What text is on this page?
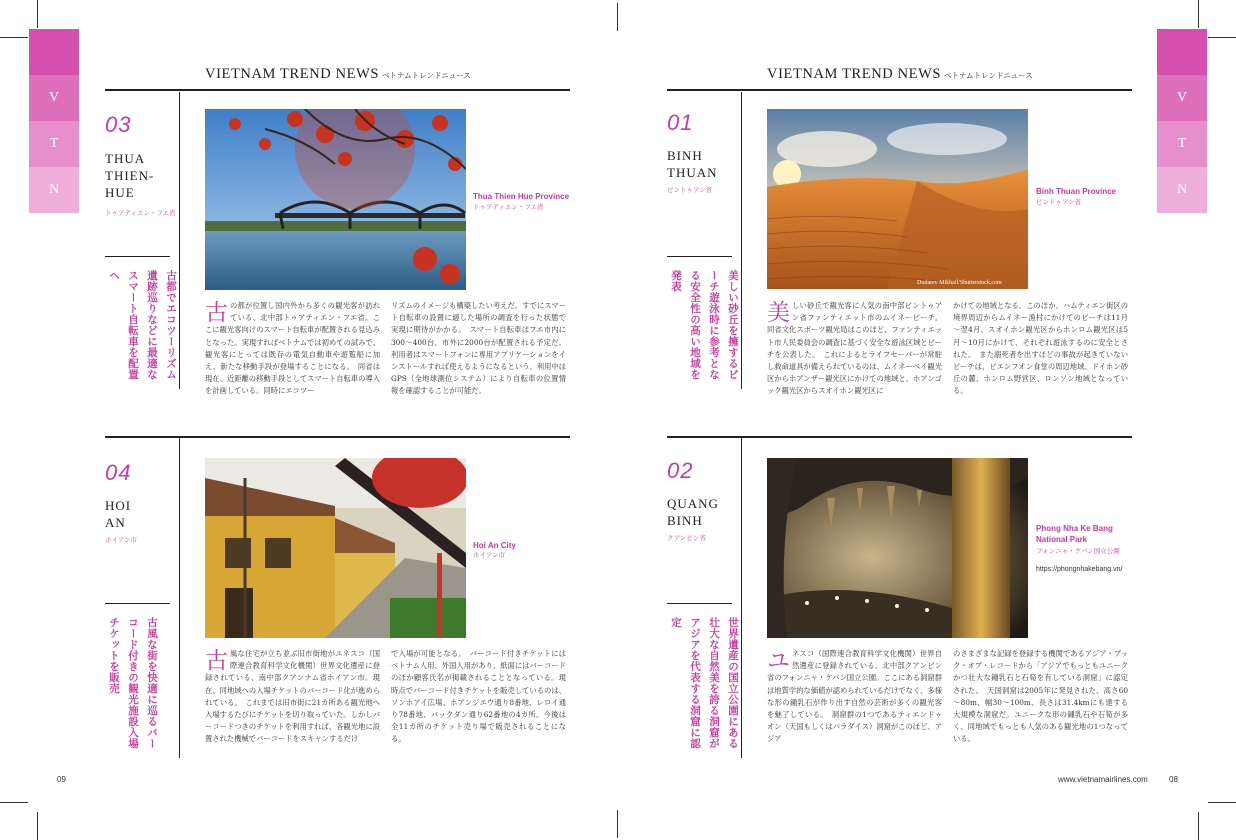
V
T
N
V
T
N
VIETNAM TREND NEWS ベトナムトレンドニュース	VIETNAM TREND NEWS ベトナムトレンドニュース
03
THUA THIEN-HUE
トゥアティエン・フエ省
古都でエコツーリズム遺跡巡りなどに最適なスマート自転車を配置へ
Thua Thien Hue Province
トゥアティエン・フエ省
古の都が位置し国内外から多くの観光客が訪れている、北中部トゥアティエン・フエ省。ここに観光客向けのスマート自転車が配置される見込みとなった。実現すればベトナムでは初めての試みで、観光客にとっては既存の電気自動車や遊覧船に加え、新たな移動手段が登場することになる。　同省は現在、近距離の移動手段としてスマート自転車の導入を計画している。同時にエコツー
リズムのイメージも構築したい考えだ。すでにスマート自転車の設置に適した場所の調査を行った状態で実現に期待がかかる。　スマート自転車はフエ市内に300～400台、市外に2000台が配置される予定だ。利用者はスマートフォンに専用アプリケーションをインストールすれば使えるようになるという。利用中はGPS（全地球測位システム）により自転車の位置情報を確認することが可能だ。
04
HOI AN
ホイアン市
古風な街を快適に巡るバーコード付きの観光施設入場チケットを販売
Hoi An City
ホイアン市
古風な住宅が立ち並ぶ旧市街地がユネスコ（国際連合教育科学文化機関）世界文化遺産に登録されている、南中部クアンナム省ホイアン市。現在、同地域への入場チケットのバーコード化が進められている。　これまでは旧市街に21カ所ある観光地へ入場するたびにチケットを切り取っていた。しかしバーコードつきのチケットを利用すれば、各観光地に設置された機械でバーコードをスキャンするだけ
で入場が可能となる。　バーコード付きチケットにはベトナム人用、外国人用があり、紙面にはバーコードのほか顧客氏名が掲載されることとなっている。現時点でバーコード付きチケットを販売しているのは、ソンホアイ広場、ホアンジエウ通り8番地、レロイ通り78番地、バックダン通り62番地の4カ所。今後は全11カ所のチケット売り場で販売されることになる。
01
BINH THUAN
ビントゥアン省
美しい砂丘を擁するビーチ遊泳時に参考となる安全性の高い地域を発表	Dudarev Mikhail/Shutterstock.com
Binh Thuan Province
ビントゥアン省
美しい砂丘で観光客に人気の南中部ビントゥアン省ファンティエット市のムイネービーチ。同省文化スポーツ観光局はこのほど、ファンティエット市人民委員会の調査に基づく安全な遊泳区域とビーチを公表した。　これによるとライフセーバーが常駐し救命道具が備えられているのは、ムイネーベイ観光区からホアンザー観光区にかけての地域と、ホアンゴック観光区からスオイホン観光区に
かけての地域となる。このほか、ハムティエン街区の境界周辺からムイネー漁村にかけてのビーチは11月～翌4月、スオイホン観光区からホンロム観光区は5月～10月にかけて、それぞれ遊泳するのに安全とされた。　また溺死者を出すほどの事故が起きていないビーチは、ビエンフオン食堂の周辺地域、ドイホン砂丘の麓、ホンロム野営区、ロンソン地域となっている。
02
QUANG BINH
クアンビン省
世界遺産の国立公園にある壮大な自然美を誇る洞窟がアジアを代表する洞窟に認定
Phong Nha Ke Bang National Park
フォンニャ・ケバン国立公園
https://phongnhakebang.vn/
ユネスコ（国際連合教育科学文化機関）世界自然遺産に登録されている、北中部クアンビン省のフォンニャ・ケバン国立公園。ここにある洞窟群は地質学的な価値が認められているだけでなく、多様な形の鍾乳石が作り出す自然の芸術が多くの観光客を魅了している。　洞窟群の1つであるティエンドゥオン（天国もしくはパラダイス）洞窟がこのほど、アジア
のさまざまな記録を登録する機関であるアジア・ブック・オブ・レコードから「アジアでもっともユニークかつ壮大な鍾乳石と石筍を有している洞窟」に認定された。　天国洞窟は2005年に発見された、高さ60～80m、幅30～100m、長さは31.4kmにも達する大規模な洞窟だ。ユニークな形の鍾乳石や石筍が多く、同地域でもっとも人気のある観光地の1つなっている。
09	www.vietnamairlines.com	08
